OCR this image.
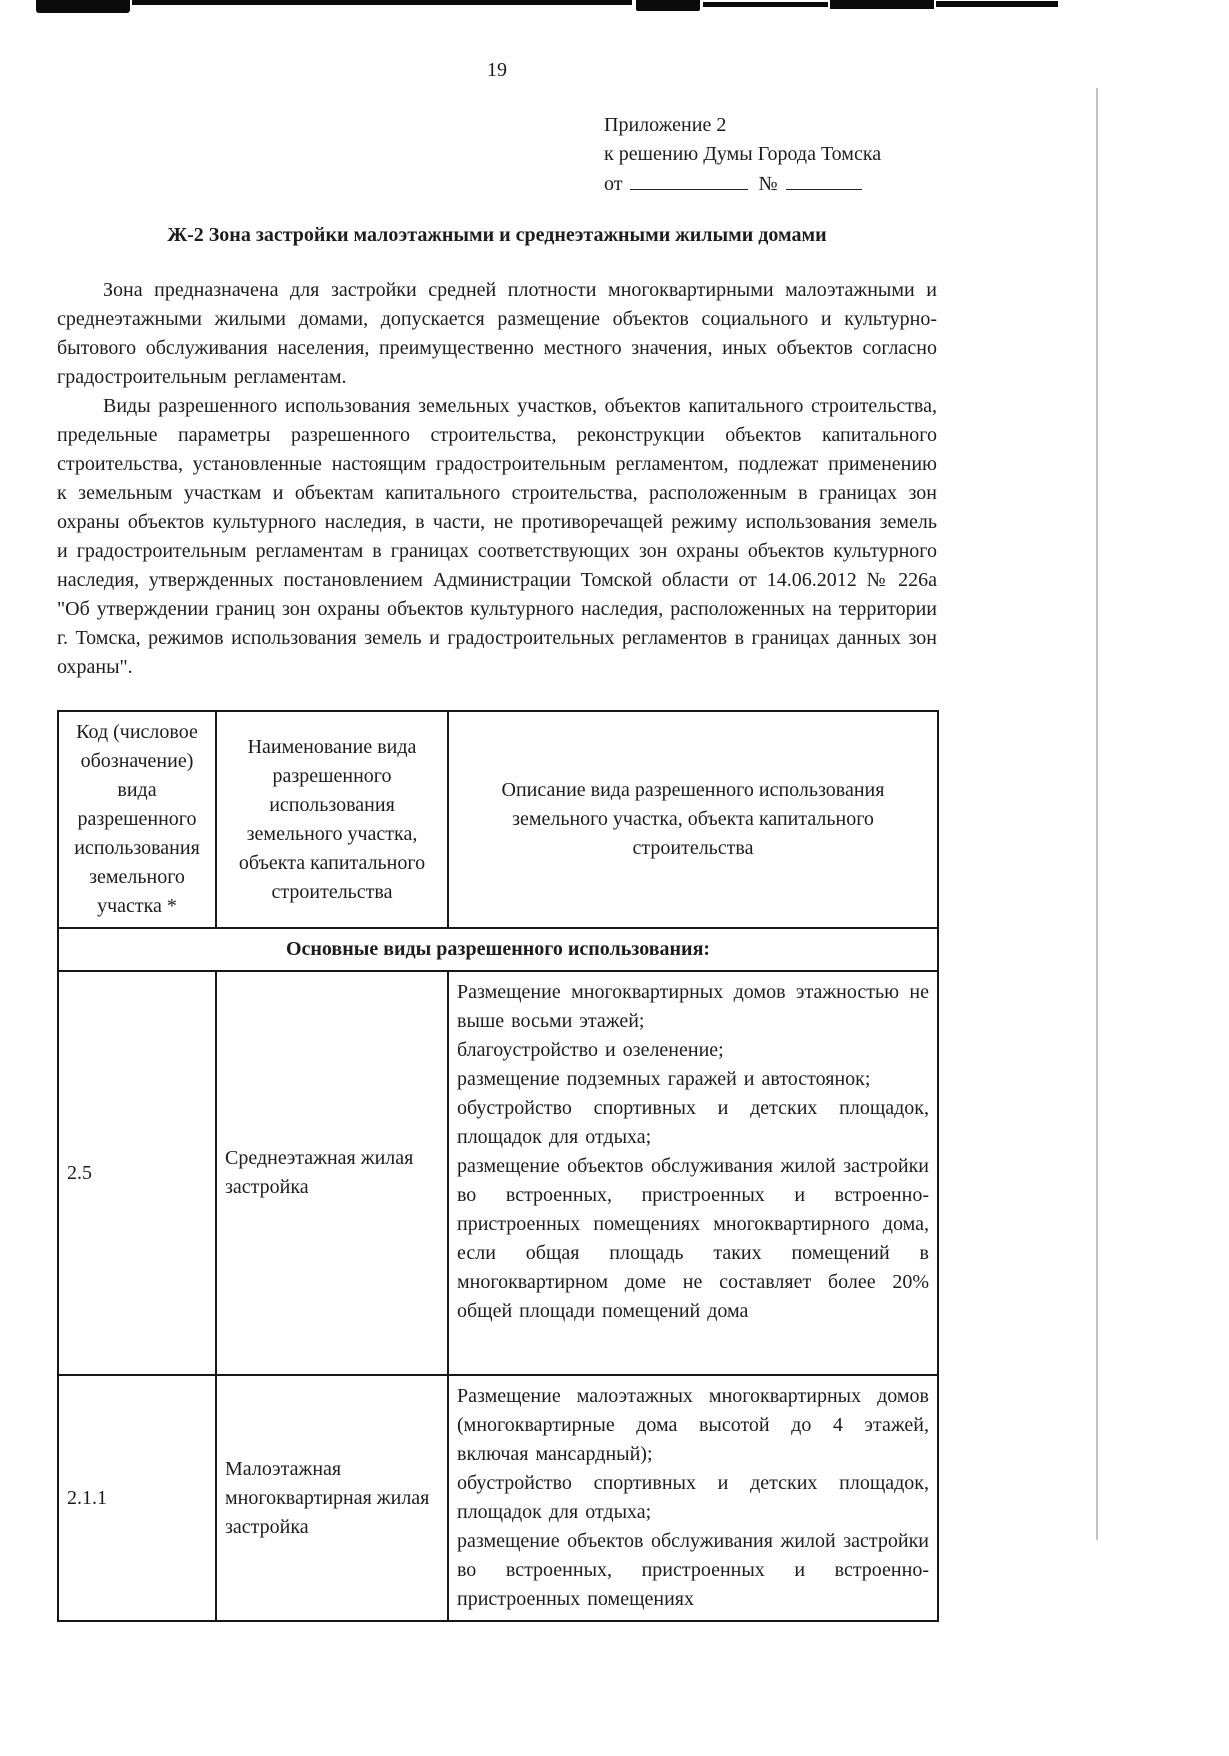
19
Приложение 2
к решению Думы Города Томска
от	№
Ж-2 Зона застройки малоэтажными и среднеэтажными жилыми домами
Зона предназначена для застройки средней плотности многоквартирными малоэтажными и среднеэтажными жилыми домами, допускается размещение объектов социального и культурно-бытового обслуживания населения, преимущественно местного значения, иных объектов согласно градостроительным регламентам.
Виды разрешенного использования земельных участков, объектов капитального строительства, предельные параметры разрешенного строительства, реконструкции объектов капитального строительства, установленные настоящим градостроительным регламентом, подлежат применению к земельным участкам и объектам капитального строительства, расположенным в границах зон охраны объектов культурного наследия, в части, не противоречащей режиму использования земель и градостроительным регламентам в границах соответствующих зон охраны объектов культурного наследия, утвержденных постановлением Администрации Томской области от 14.06.2012 № 226а "Об утверждении границ зон охраны объектов культурного наследия, расположенных на территории г. Томска, режимов использования земель и градостроительных регламентов в границах данных зон охраны".
Код (числовое обозначение) вида разрешенного использования земельного участка *	Наименование вида разрешенного использования земельного участка, объекта капитального строительства	Описание вида разрешенного использования земельного участка, объекта капитального строительства
Основные виды разрешенного использования:		
2.5	Среднеэтажная жилая застройка	Размещение многоквартирных домов этажностью не выше восьми этажей;
благоустройство и озеленение;
размещение подземных гаражей и автостоянок;
обустройство спортивных и детских площадок, площадок для отдыха;
размещение объектов обслуживания жилой застройки во встроенных, пристроенных и встроенно-пристроенных помещениях многоквартирного дома, если общая площадь таких помещений в многоквартирном доме не составляет более 20% общей площади помещений дома

2.1.1	Малоэтажная многоквартирная жилая застройка	Размещение малоэтажных многоквартирных домов (многоквартирные дома высотой до 4 этажей, включая мансардный);
обустройство спортивных и детских площадок, площадок для отдыха;
размещение объектов обслуживания жилой застройки во встроенных, пристроенных и встроенно-пристроенных помещениях
